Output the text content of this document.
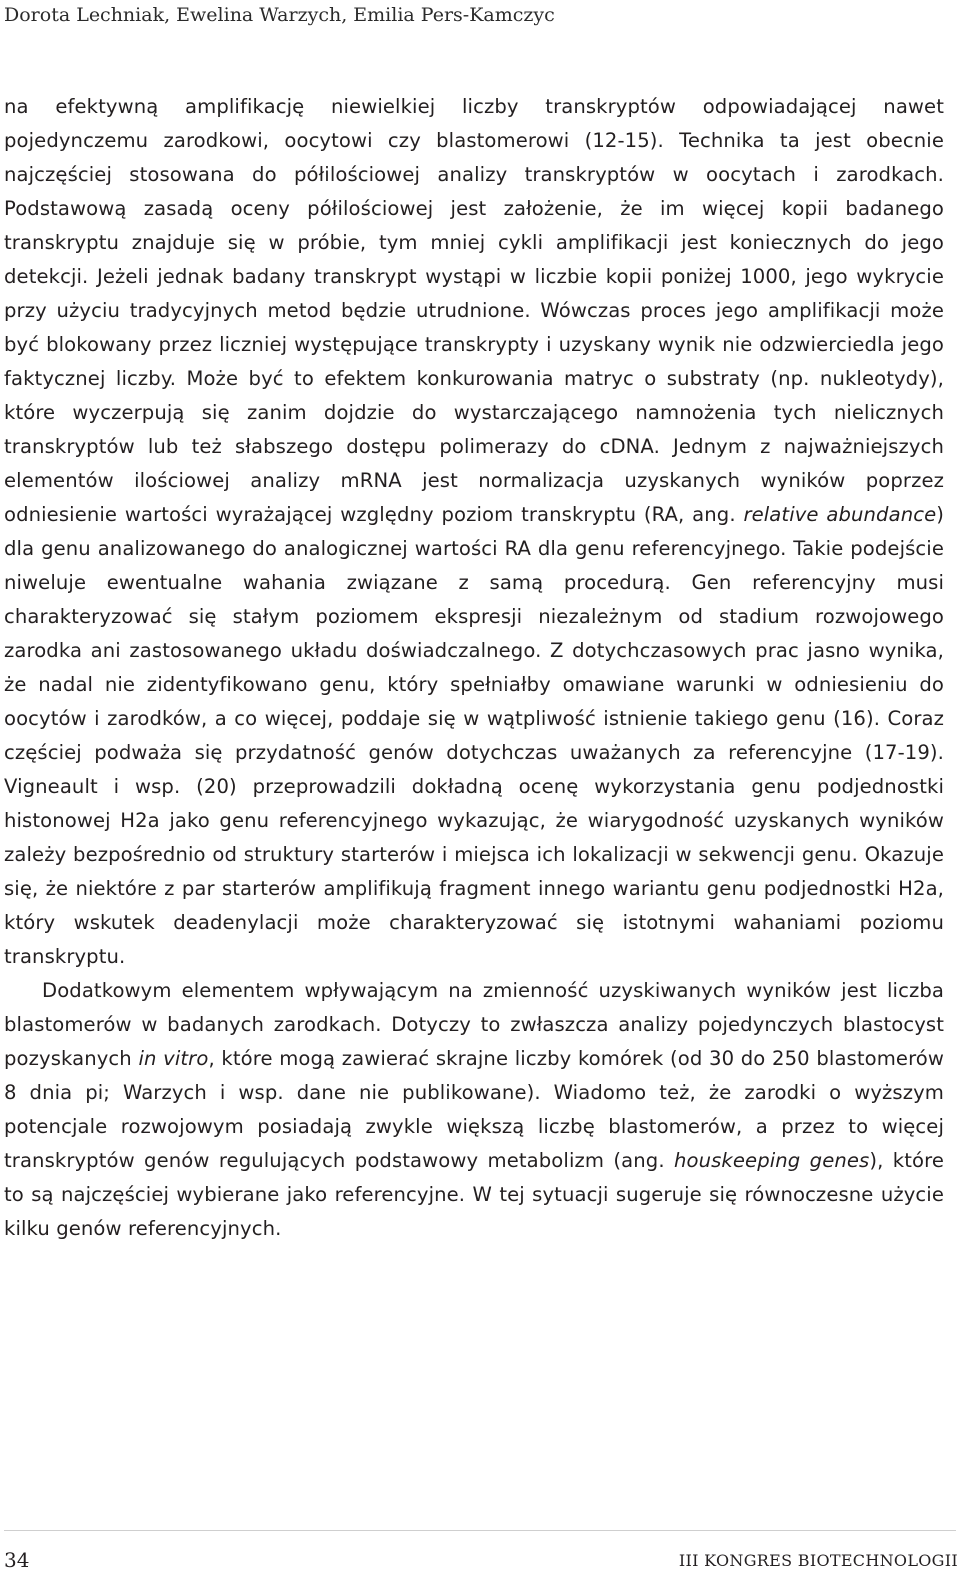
Dorota Lechniak, Ewelina Warzych, Emilia Pers-Kamczyc

na efektywną amplifikację niewielkiej liczby transkryptów odpowiadającej nawet pojedynczemu zarodkowi, oocytowi czy blastomerowi (12-15). Technika ta jest obecnie najczęściej stosowana do półilościowej analizy transkryptów w oocytach i zarodkach. Podstawową zasadą oceny półilościowej jest założenie, że im więcej kopii badanego transkryptu znajduje się w próbie, tym mniej cykli amplifikacji jest koniecznych do jego detekcji. Jeżeli jednak badany transkrypt wystąpi w liczbie kopii poniżej 1000, jego wykrycie przy użyciu tradycyjnych metod będzie utrudnione. Wówczas proces jego amplifikacji może być blokowany przez liczniej występujące transkrypty i uzyskany wynik nie odzwierciedla jego faktycznej liczby. Może być to efektem konkurowania matryc o substraty (np. nukleotydy), które wyczerpują się zanim dojdzie do wystarczającego namnożenia tych nielicznych transkryptów lub też słabszego dostępu polimerazy do cDNA. Jednym z najważniejszych elementów ilościowej analizy mRNA jest normalizacja uzyskanych wyników poprzez odniesienie wartości wyrażającej względny poziom transkryptu (RA, ang. relative abundance) dla genu analizowanego do analogicznej wartości RA dla genu referencyjnego. Takie podejście niweluje ewentualne wahania związane z samą procedurą. Gen referencyjny musi charakteryzować się stałym poziomem ekspresji niezależnym od stadium rozwojowego zarodka ani zastosowanego układu doświadczalnego. Z dotychczasowych prac jasno wynika, że nadal nie zidentyfikowano genu, który spełniałby omawiane warunki w odniesieniu do oocytów i zarodków, a co więcej, poddaje się w wątpliwość istnienie takiego genu (16). Coraz częściej podważa się przydatność genów dotychczas uważanych za referencyjne (17-19). Vigneault i wsp. (20) przeprowadzili dokładną ocenę wykorzystania genu podjednostki histonowej H2a jako genu referencyjnego wykazując, że wiarygodność uzyskanych wyników zależy bezpośrednio od struktury starterów i miejsca ich lokalizacji w sekwencji genu. Okazuje się, że niektóre z par starterów amplifikują fragment innego wariantu genu podjednostki H2a, który wskutek deadenylacji może charakteryzować się istotnymi wahaniami poziomu transkryptu.

Dodatkowym elementem wpływającym na zmienność uzyskiwanych wyników jest liczba blastomerów w badanych zarodkach. Dotyczy to zwłaszcza analizy pojedynczych blastocyst pozyskanych in vitro, które mogą zawierać skrajne liczby komórek (od 30 do 250 blastomerów 8 dnia pi; Warzych i wsp. dane nie publikowane). Wiadomo też, że zarodki o wyższym potencjale rozwojowym posiadają zwykle większą liczbę blastomerów, a przez to więcej transkryptów genów regulujących podstawowy metabolizm (ang. houskeeping genes), które to są najczęściej wybierane jako referencyjne. W tej sytuacji sugeruje się równoczesne użycie kilku genów referencyjnych.

34	III KONGRES BIOTECHNOLOGII
